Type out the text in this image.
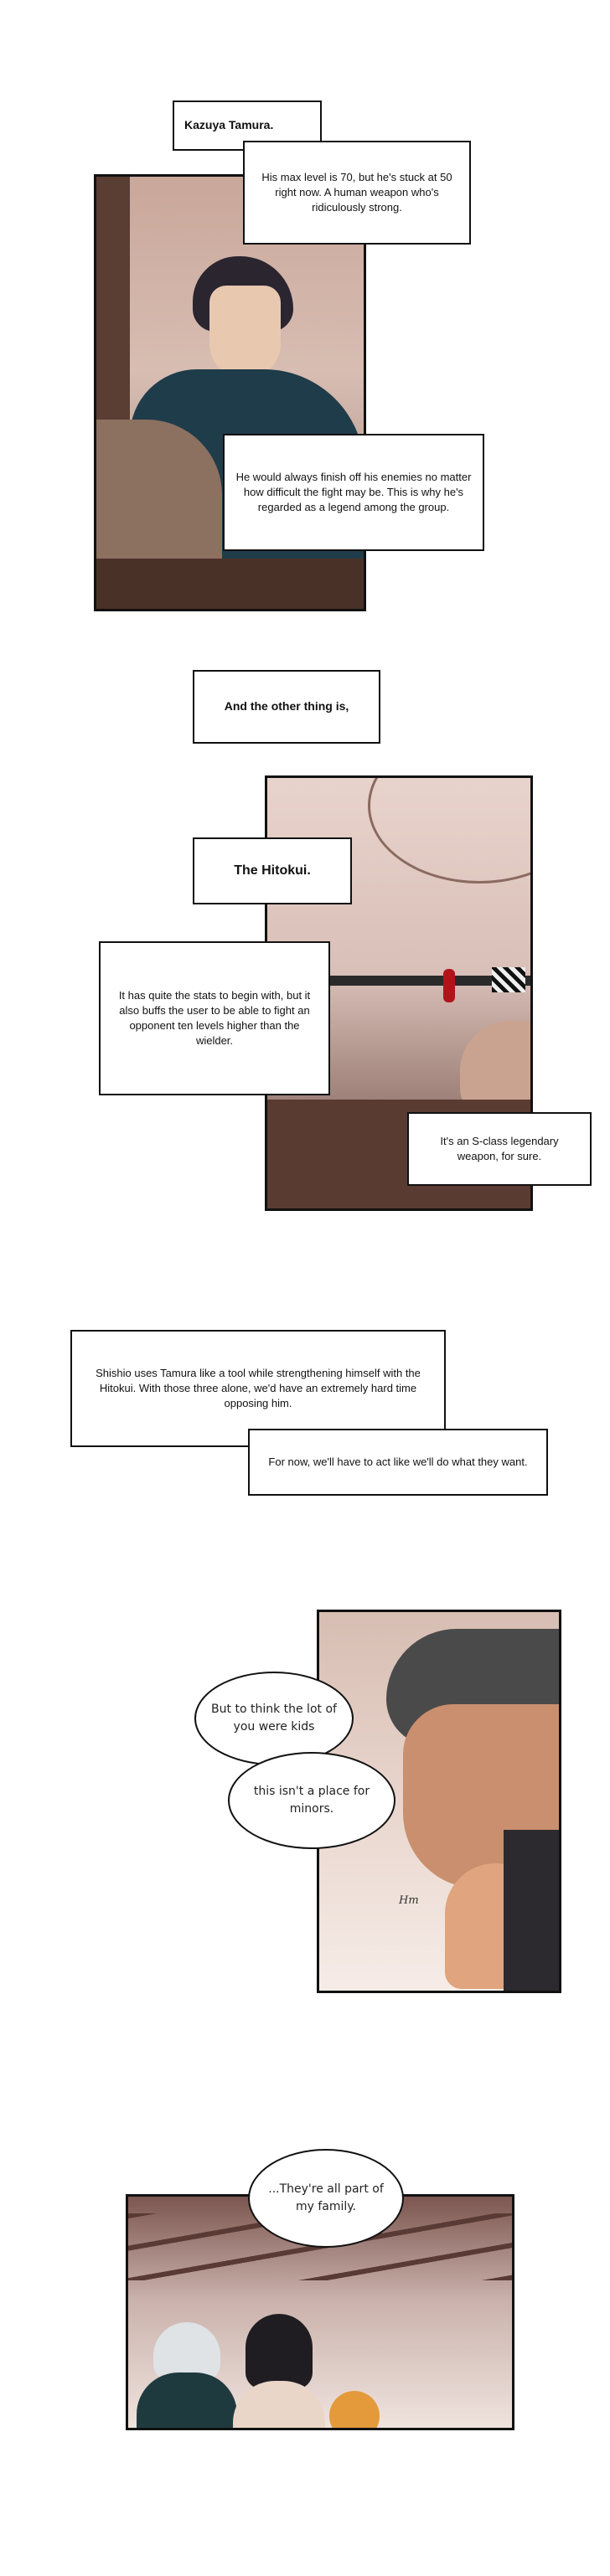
Kazuya Tamura.
His max level is 70, but he's stuck at 50 right now. A human weapon who's ridiculously strong.
He would always finish off his enemies no matter how difficult the fight may be. This is why he's regarded as a legend among the group.
And the other thing is,
The Hitokui.
It has quite the stats to begin with, but it also buffs the user to be able to fight an opponent ten levels higher than the wielder.
It's an S-class legendary weapon, for sure.
Shishio uses Tamura like a tool while strengthening himself with the Hitokui. With those three alone, we'd have an extremely hard time opposing him.
For now, we'll have to act like we'll do what they want.
But to think the lot of you were kids
this isn't a place for minors.
Hm
...They're all part of my family.
